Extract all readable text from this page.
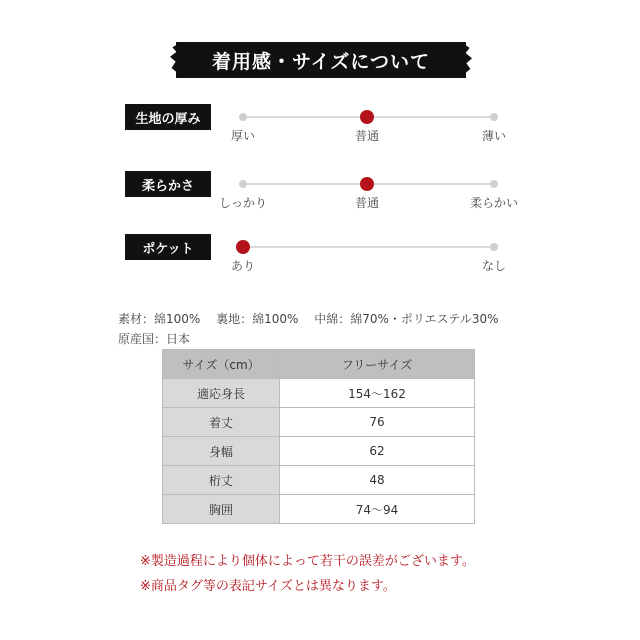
着用感・サイズについて
生地の厚み
厚い	普通	薄い
柔らかさ
しっかり	普通	柔らかい
ポケット
あり	なし
素材：綿100%　 裏地：綿100%　 中綿：綿70%・ポリエステル30%
原産国：日本
サイズ（cm）	フリーサイズ
適応身長	154～162
着丈	76
身幅	62
桁丈	48
胸囲	74～94
※製造過程により個体によって若干の誤差がございます。
※商品タグ等の表記サイズとは異なります。
